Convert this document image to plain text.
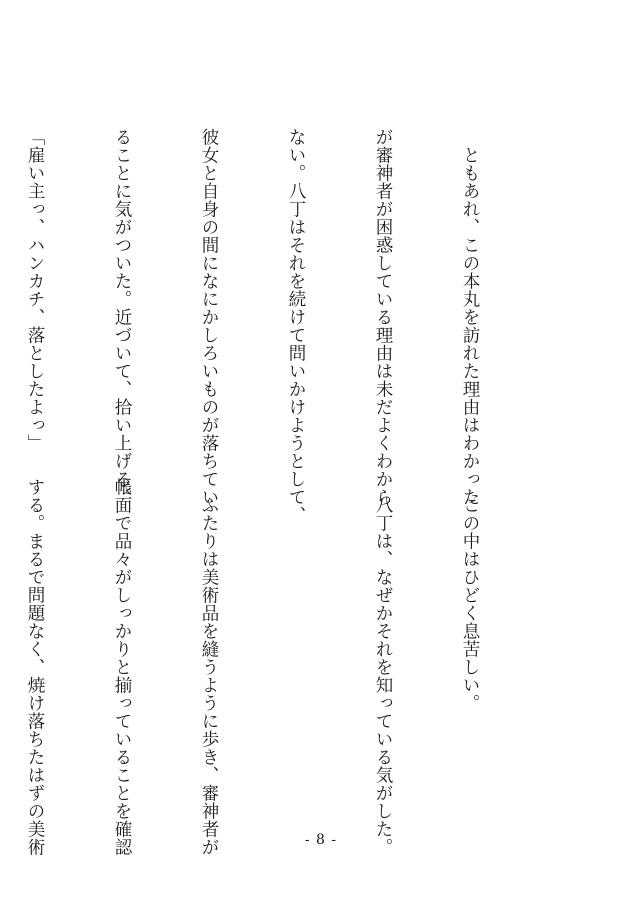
　ともあれ、この本丸を訪れた理由はわかった

が審神者が困惑している理由は未だよくわから

ない。八丁はそれを続けて問いかけようとして、

彼女と自身の間になにかしろいものが落ちてい

ることに気がついた。近づいて、拾い上げる。

「雇い主っ、ハンカチ、落としたよっ」

　この中はひどく息苦しい。

　八丁は、なぜかそれを知っている気がした。

　ふたりは美術品を縫うように歩き、審神者が

帳面で品々がしっかりと揃っていることを確認

する。まるで問題なく、焼け落ちたはずの美術

	- 8 -
